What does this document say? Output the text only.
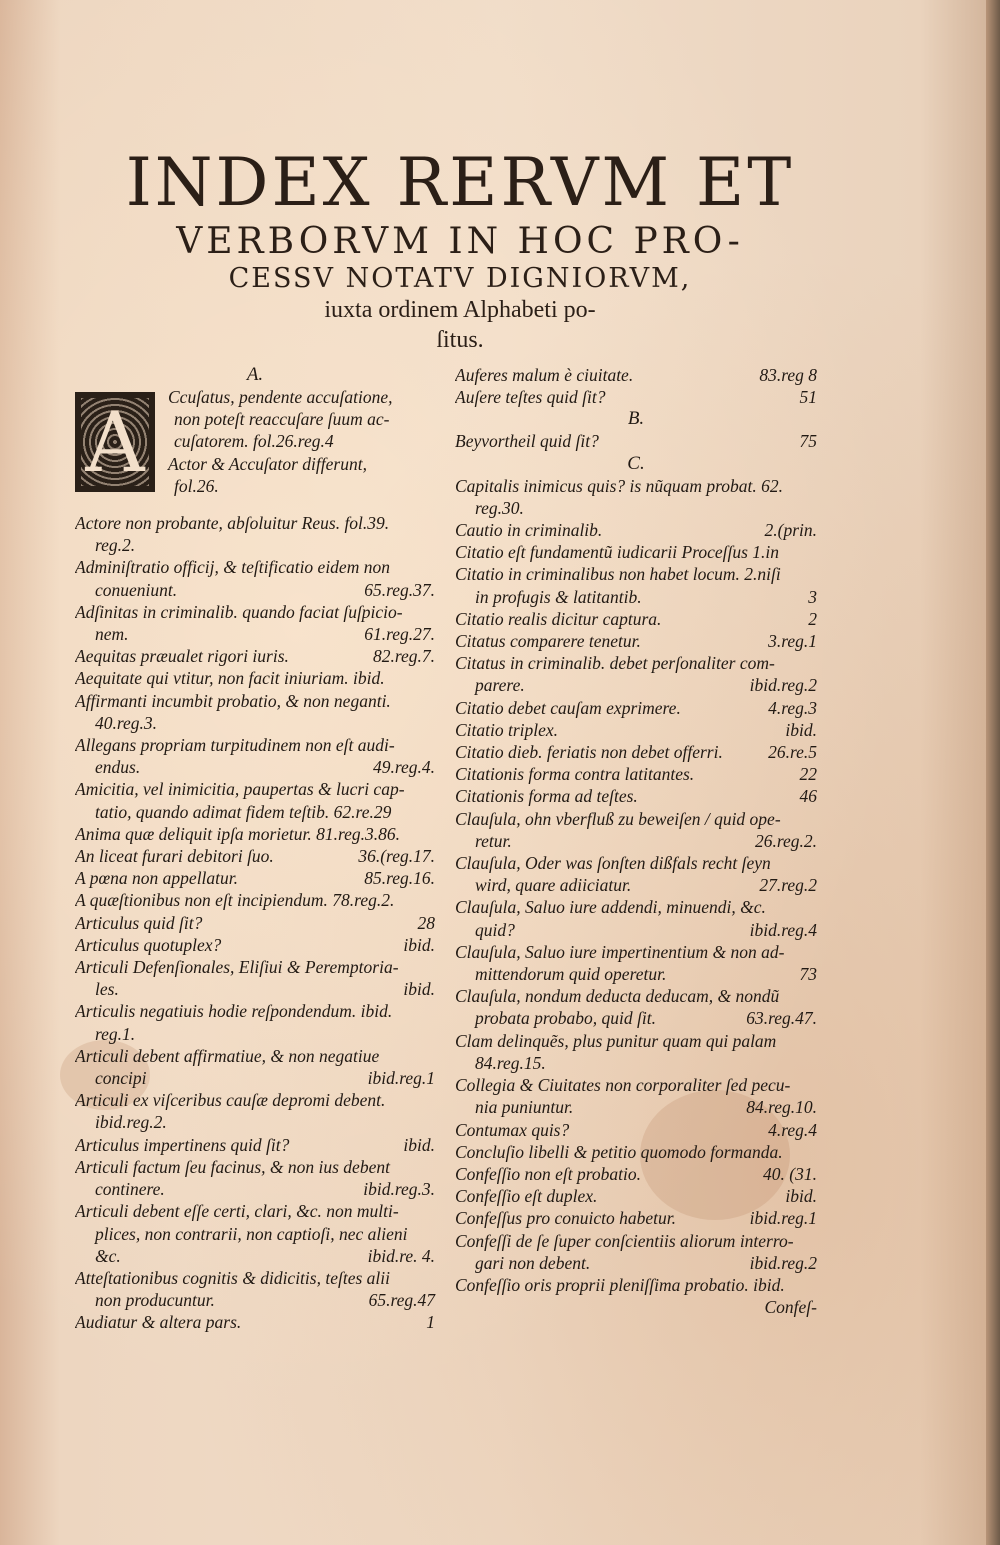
INDEX RERVM ET
VERBORVM IN HOC PRO-
CESSV NOTATV DIGNIORVM,
iuxta ordinem Alphabeti po-
ſitus.
A.
A	Ccuſatus, pendente accuſatione,
non poteſt reaccuſare ſuum ac-
cuſatorem. fol.26.reg.4
Actor & Accuſator differunt,
fol.26.
Actore non probante, abſoluitur Reus. fol.39.
reg.2.
Adminiſtratio officij, & teſtificatio eidem non
conueniunt.	65.reg.37.
Adſinitas in criminalib. quando faciat ſuſpicio-
nem.	61.reg.27.
Aequitas præualet rigori iuris.	82.reg.7.
Aequitate qui vtitur, non facit iniuriam. ibid.
Affirmanti incumbit probatio, & non neganti.
40.reg.3.
Allegans propriam turpitudinem non eſt audi-
endus.	49.reg.4.
Amicitia, vel inimicitia, paupertas & lucri cap-
tatio, quando adimat fidem teſtib. 62.re.29
Anima quæ deliquit ipſa morietur. 81.reg.3.86.
An liceat furari debitori ſuo.	36.(reg.17.
A pœna non appellatur.	85.reg.16.
A quæſtionibus non eſt incipiendum. 78.reg.2.
Articulus quid ſit?	28
Articulus quotuplex?	ibid.
Articuli Defenſionales, Eliſiui & Peremptoria-
les.	ibid.
Articulis negatiuis hodie reſpondendum. ibid.
reg.1.
Articuli debent affirmatiue, & non negatiue
concipi	ibid.reg.1
Articuli ex viſceribus cauſæ depromi debent.
ibid.reg.2.
Articulus impertinens quid ſit?	ibid.
Articuli factum ſeu facinus, & non ius debent
continere.	ibid.reg.3.
Articuli debent eſſe certi, clari, &c. non multi-
plices, non contrarii, non captioſi, nec alieni
&c.	ibid.re. 4.
Atteſtationibus cognitis & didicitis, teſtes alii
non producuntur.	65.reg.47
Audiatur & altera pars.	1
Auferes malum è ciuitate.	83.reg 8
Auſere teſtes quid ſit?	51
B.
Beyvortheil quid ſit?	75
C.
Capitalis inimicus quis? is nũquam probat. 62.
reg.30.
Cautio in criminalib.	2.(prin.
Citatio eſt fundamentũ iudicarii Proceſſus 1.in
Citatio in criminalibus non habet locum. 2.niſi
in profugis & latitantib.	3
Citatio realis dicitur captura.	2
Citatus comparere tenetur.	3.reg.1
Citatus in criminalib. debet perſonaliter com-
parere.	ibid.reg.2
Citatio debet cauſam exprimere.	4.reg.3
Citatio triplex.	ibid.
Citatio dieb. feriatis non debet offerri.	26.re.5
Citationis forma contra latitantes.	22
Citationis forma ad teſtes.	46
Clauſula, ohn vberfluß zu beweiſen / quid ope-
retur.	26.reg.2.
Clauſula, Oder was ſonſten dißfals recht ſeyn
wird, quare adiiciatur.	27.reg.2
Clauſula, Saluo iure addendi, minuendi, &c.
quid?	ibid.reg.4
Clauſula, Saluo iure impertinentium & non ad-
mittendorum quid operetur.	73
Clauſula, nondum deducta deducam, & nondũ
probata probabo, quid ſit.	63.reg.47.
Clam delinquẽs, plus punitur quam qui palam
84.reg.15.
Collegia & Ciuitates non corporaliter ſed pecu-
nia puniuntur.	84.reg.10.
Contumax quis?	4.reg.4
Concluſio libelli & petitio quomodo formanda.
Confeſſio non eſt probatio.	40. (31.
Confeſſio eſt duplex.	ibid.
Confeſſus pro conuicto habetur.	ibid.reg.1
Confeſſi de ſe ſuper conſcientiis aliorum interro-
gari non debent.	ibid.reg.2
Confeſſio oris proprii pleniſſima probatio. ibid.
Confeſ-
